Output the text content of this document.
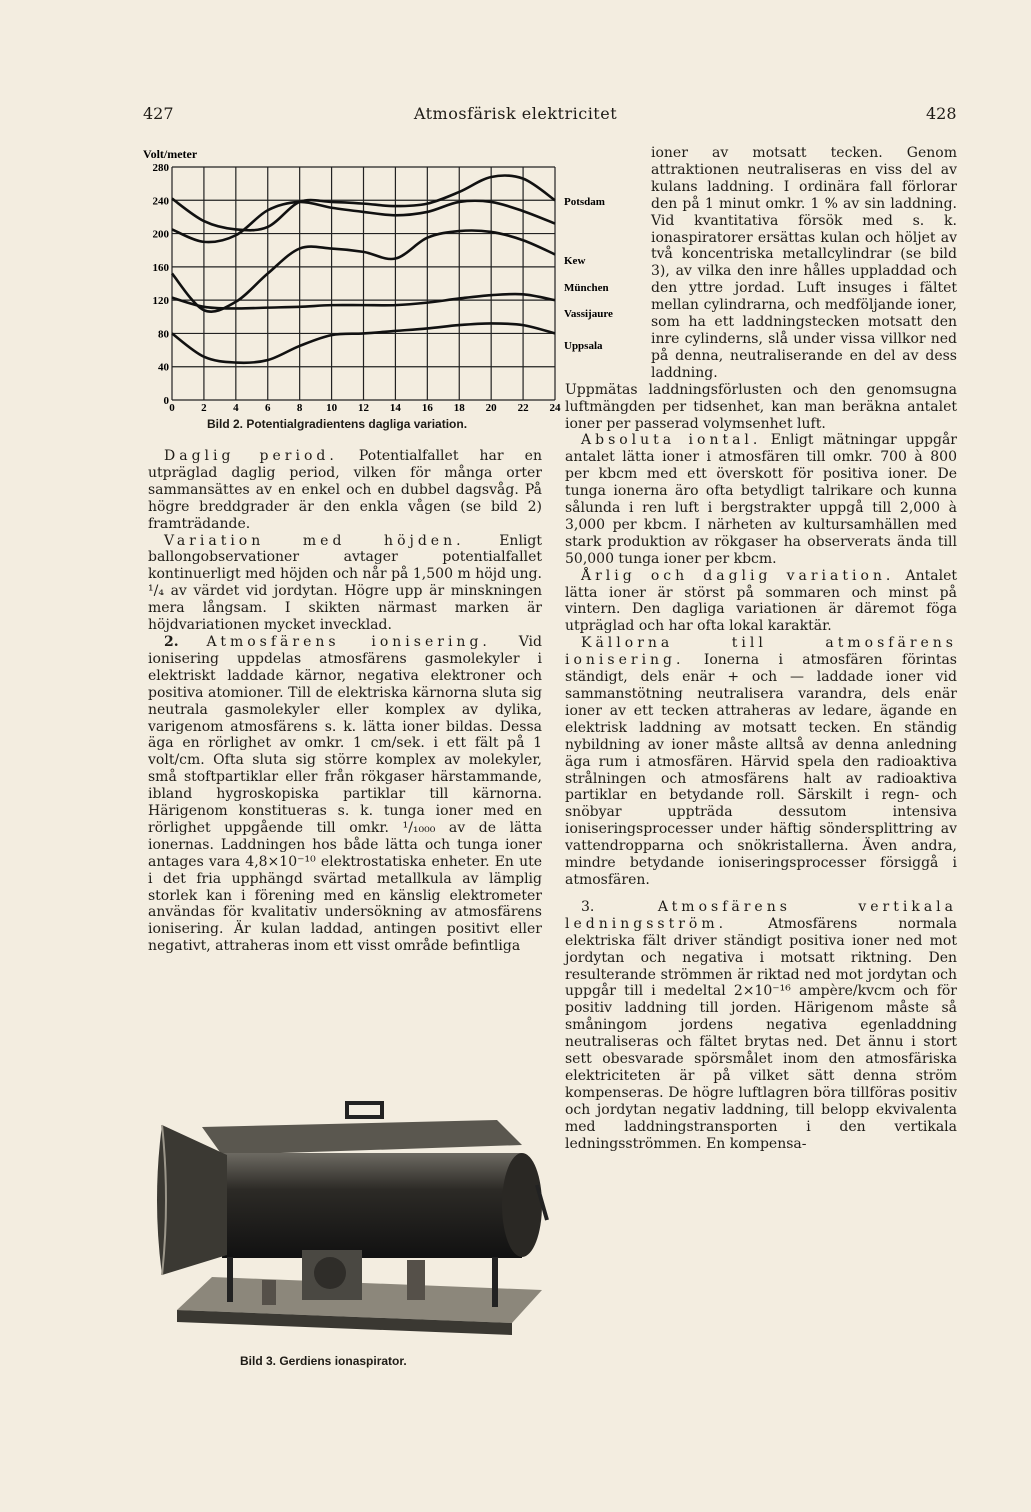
427	Atmosfärisk elektricitet	428
Volt/meter
0
40
80
120
160
200
240
280
0 2 4 6 8 10 12 14 16 18 20 22 24
Potsdam
Kew
München
Vassijaure
Uppsala
Bild 2. Potentialgradientens dagliga variation.

Daglig period. Potentialfallet har en utpräglad daglig period, vilken för många orter sammansättes av en enkel och en dubbel dagsvåg. På högre breddgrader är den enkla vågen (se bild 2) framträdande.

Variation med höjden. Enligt ballongobservationer avtager potentialfallet kontinuerligt med höjden och når på 1,500 m höjd ung. ¹/₄ av värdet vid jordytan. Högre upp är minskningen mera långsam. I skikten närmast marken är höjdvariationen mycket invecklad.

2. Atmosfärens ionisering. Vid ionisering uppdelas atmosfärens gasmolekyler i elektriskt laddade kärnor, negativa elektroner och positiva atomioner. Till de elektriska kärnorna sluta sig neutrala gasmolekyler eller komplex av dylika, varigenom atmosfärens s. k. lätta ioner bildas. Dessa äga en rörlighet av omkr. 1 cm/sek. i ett fält på 1 volt/cm. Ofta sluta sig större komplex av molekyler, små stoftpartiklar eller från rökgaser härstammande, ibland hygroskopiska partiklar till kärnorna. Härigenom konstitueras s. k. tunga ioner med en rörlighet uppgående till omkr. ¹/₁₀₀₀ av de lätta ionernas. Laddningen hos både lätta och tunga ioner antages vara 4,8×10⁻¹⁰ elektrostatiska enheter. En ute i det fria upphängd svärtad metallkula av lämplig storlek kan i förening med en känslig elektrometer användas för kvalitativ undersökning av atmosfärens ionisering. Är kulan laddad, antingen positivt eller negativt, attraheras inom ett visst område befintliga

Bild 3. Gerdiens ionaspirator.

ioner av motsatt tecken. Genom attraktionen neutraliseras en viss del av kulans laddning. I ordinära fall förlorar den på 1 minut omkr. 1 % av sin laddning. Vid kvantitativa försök med s. k. ionaspiratorer ersättas kulan och höljet av två koncentriska metallcylindrar (se bild 3), av vilka den inre hålles uppladdad och den yttre jordad. Luft insuges i fältet mellan cylindrarna, och medföljande ioner, som ha ett laddningstecken motsatt den inre cylinderns, slå under vissa villkor ned på denna, neutraliserande en del av dess laddning.

Uppmätas laddningsförlusten och den genomsugna luftmängden per tidsenhet, kan man beräkna antalet ioner per passerad volymsenhet luft.

Absoluta iontal. Enligt mätningar uppgår antalet lätta ioner i atmosfären till omkr. 700 à 800 per kbcm med ett överskott för positiva ioner. De tunga ionerna äro ofta betydligt talrikare och kunna sålunda i ren luft i bergstrakter uppgå till 2,000 à 3,000 per kbcm. I närheten av kultursamhällen med stark produktion av rökgaser ha observerats ända till 50,000 tunga ioner per kbcm.

Årlig och daglig variation. Antalet lätta ioner är störst på sommaren och minst på vintern. Den dagliga variationen är däremot föga utpräglad och har ofta lokal karaktär.

Källorna till atmosfärens ionisering. Ionerna i atmosfären förintas ständigt, dels enär + och — laddade ioner vid sammanstötning neutralisera varandra, dels enär ioner av ett tecken attraheras av ledare, ägande en elektrisk laddning av motsatt tecken. En ständig nybildning av ioner måste alltså av denna anledning äga rum i atmosfären. Härvid spela den radioaktiva strålningen och atmosfärens halt av radioaktiva partiklar en betydande roll. Särskilt i regn- och snöbyar uppträda dessutom intensiva ioniseringsprocesser under häftig söndersplittring av vattendropparna och snökristallerna. Även andra, mindre betydande ioniseringsprocesser försiggå i atmosfären.

3.	Atmosfärens vertikala ledningsström. Atmosfärens normala elektriska fält driver ständigt positiva ioner ned mot jordytan och negativa i motsatt riktning. Den resulterande strömmen är riktad ned mot jordytan och uppgår till i medeltal 2×10⁻¹⁶ ampère/kvcm och för positiv laddning till jorden. Härigenom måste så småningom jordens negativa egenladdning neutraliseras och fältet brytas ned. Det ännu i stort sett obesvarade spörsmålet inom den atmosfäriska elektriciteten är på vilket sätt denna ström kompenseras. De högre luftlagren böra tillföras positiv och jordytan negativ laddning, till belopp ekvivalenta med laddningstransporten i den vertikala ledningsströmmen. En kompensa-
